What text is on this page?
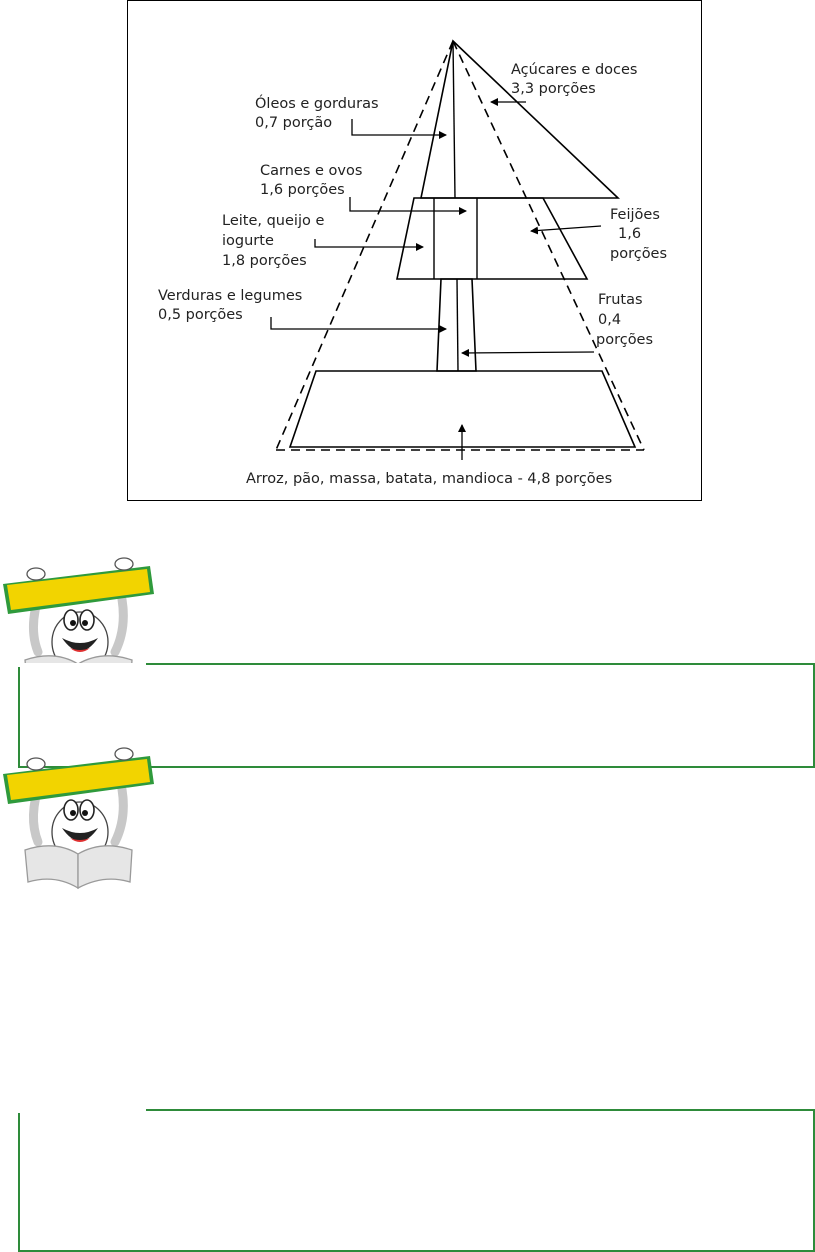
Açúcares e doces
3,3 porções
Óleos e gorduras
0,7 porção
Carnes e ovos
1,6 porções
Leite, queijo e
iogurte
1,8 porções
Feijões
1,6
porções
Verduras e legumes
0,5 porções
Frutas
0,4
porções
Arroz, pão, massa, batata, mandioca - 4,8 porções
